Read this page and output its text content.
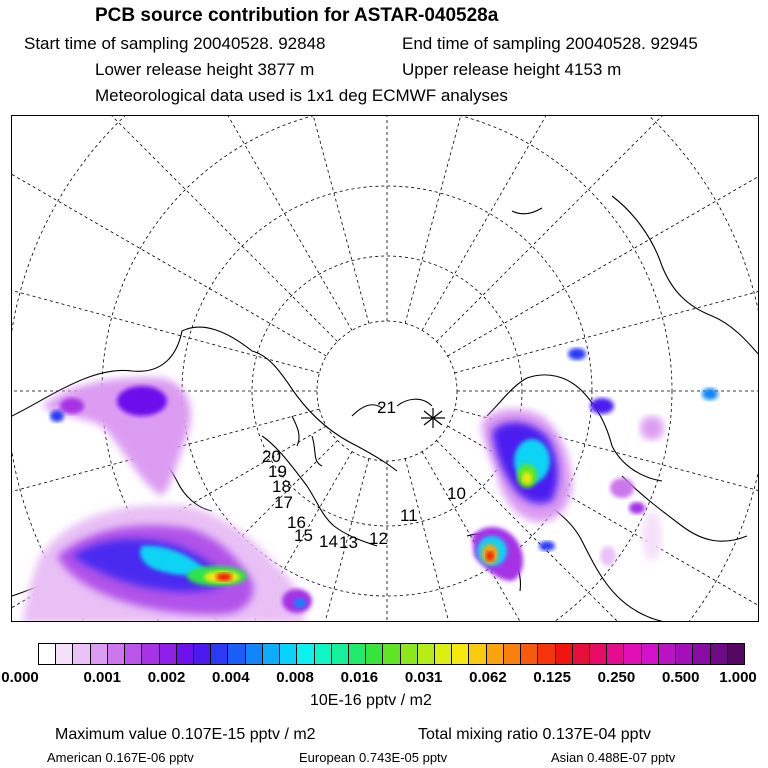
PCB source contribution for ASTAR-040528a
Start time of sampling 20040528. 92848	End time of sampling 20040528. 92945
Lower release height 3877 m	Upper release height 4153 m
Meteorological data used is 1x1 deg ECMWF analyses
21
20
19
18
17
16
15 14 13 12
11
10
0.000	0.001 0.002 0.004 0.008 0.016 0.031 0.062 0.125 0.250 0.500 1.000
10E-16 pptv / m2
Maximum value 0.107E-15 pptv / m2	Total mixing ratio 0.137E-04 pptv
American 0.167E-06 pptv	European 0.743E-05 pptv	Asian 0.488E-07 pptv
